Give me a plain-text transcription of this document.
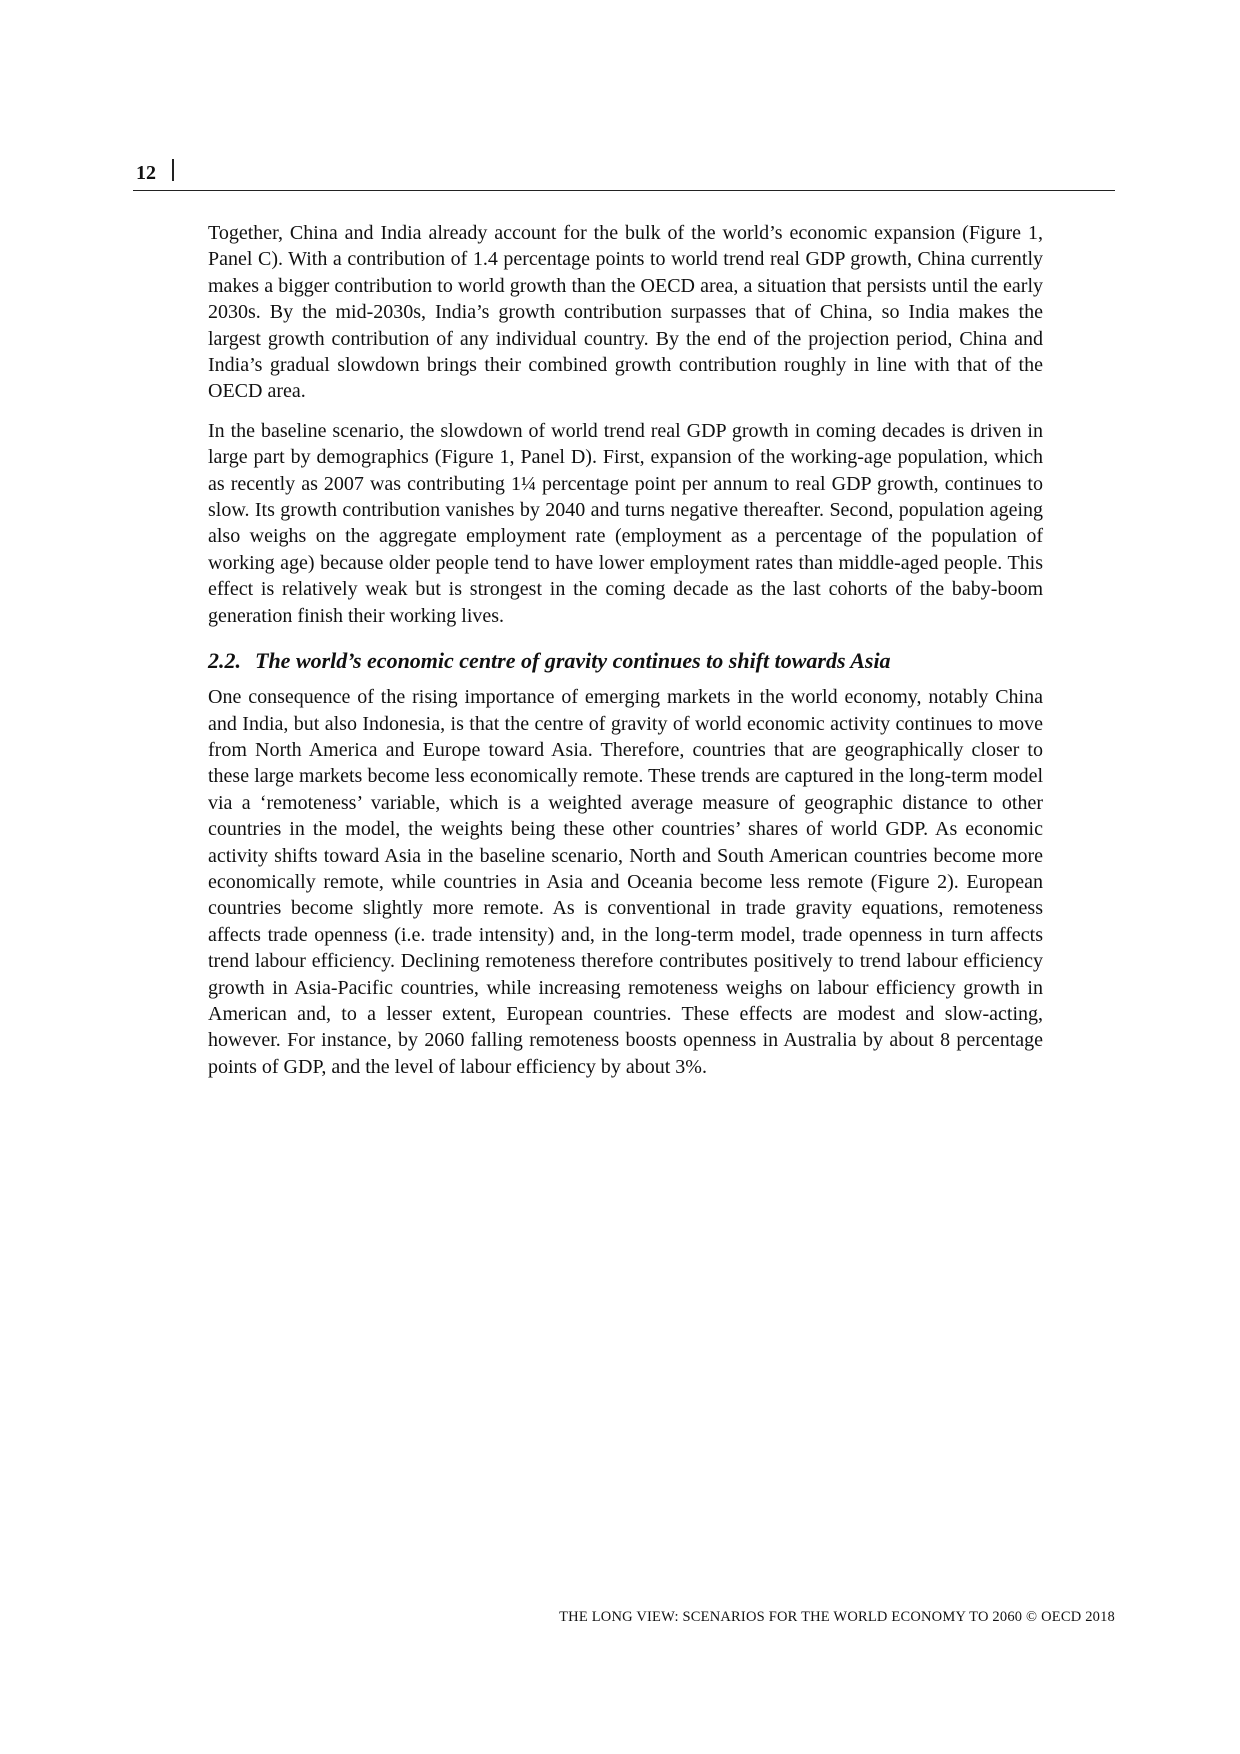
12

Together, China and India already account for the bulk of the world’s economic expansion (Figure 1, Panel C). With a contribution of 1.4 percentage points to world trend real GDP growth, China currently makes a bigger contribution to world growth than the OECD area, a situation that persists until the early 2030s. By the mid-2030s, India’s growth contribution surpasses that of China, so India makes the largest growth contribution of any individual country. By the end of the projection period, China and India’s gradual slowdown brings their combined growth contribution roughly in line with that of the OECD area.

In the baseline scenario, the slowdown of world trend real GDP growth in coming decades is driven in large part by demographics (Figure 1, Panel D). First, expansion of the working-age population, which as recently as 2007 was contributing 1¼ percentage point per annum to real GDP growth, continues to slow. Its growth contribution vanishes by 2040 and turns negative thereafter. Second, population ageing also weighs on the aggregate employment rate (employment as a percentage of the population of working age) because older people tend to have lower employment rates than middle-aged people. This effect is relatively weak but is strongest in the coming decade as the last cohorts of the baby-boom generation finish their working lives.

2.2. The world’s economic centre of gravity continues to shift towards Asia

One consequence of the rising importance of emerging markets in the world economy, notably China and India, but also Indonesia, is that the centre of gravity of world economic activity continues to move from North America and Europe toward Asia. Therefore, countries that are geographically closer to these large markets become less economically remote. These trends are captured in the long-term model via a ‘remoteness’ variable, which is a weighted average measure of geographic distance to other countries in the model, the weights being these other countries’ shares of world GDP. As economic activity shifts toward Asia in the baseline scenario, North and South American countries become more economically remote, while countries in Asia and Oceania become less remote (Figure 2). European countries become slightly more remote. As is conventional in trade gravity equations, remoteness affects trade openness (i.e. trade intensity) and, in the long-term model, trade openness in turn affects trend labour efficiency. Declining remoteness therefore contributes positively to trend labour efficiency growth in Asia-Pacific countries, while increasing remoteness weighs on labour efficiency growth in American and, to a lesser extent, European countries. These effects are modest and slow-acting, however. For instance, by 2060 falling remoteness boosts openness in Australia by about 8 percentage points of GDP, and the level of labour efficiency by about 3%.

THE LONG VIEW: SCENARIOS FOR THE WORLD ECONOMY TO 2060 © OECD 2018
